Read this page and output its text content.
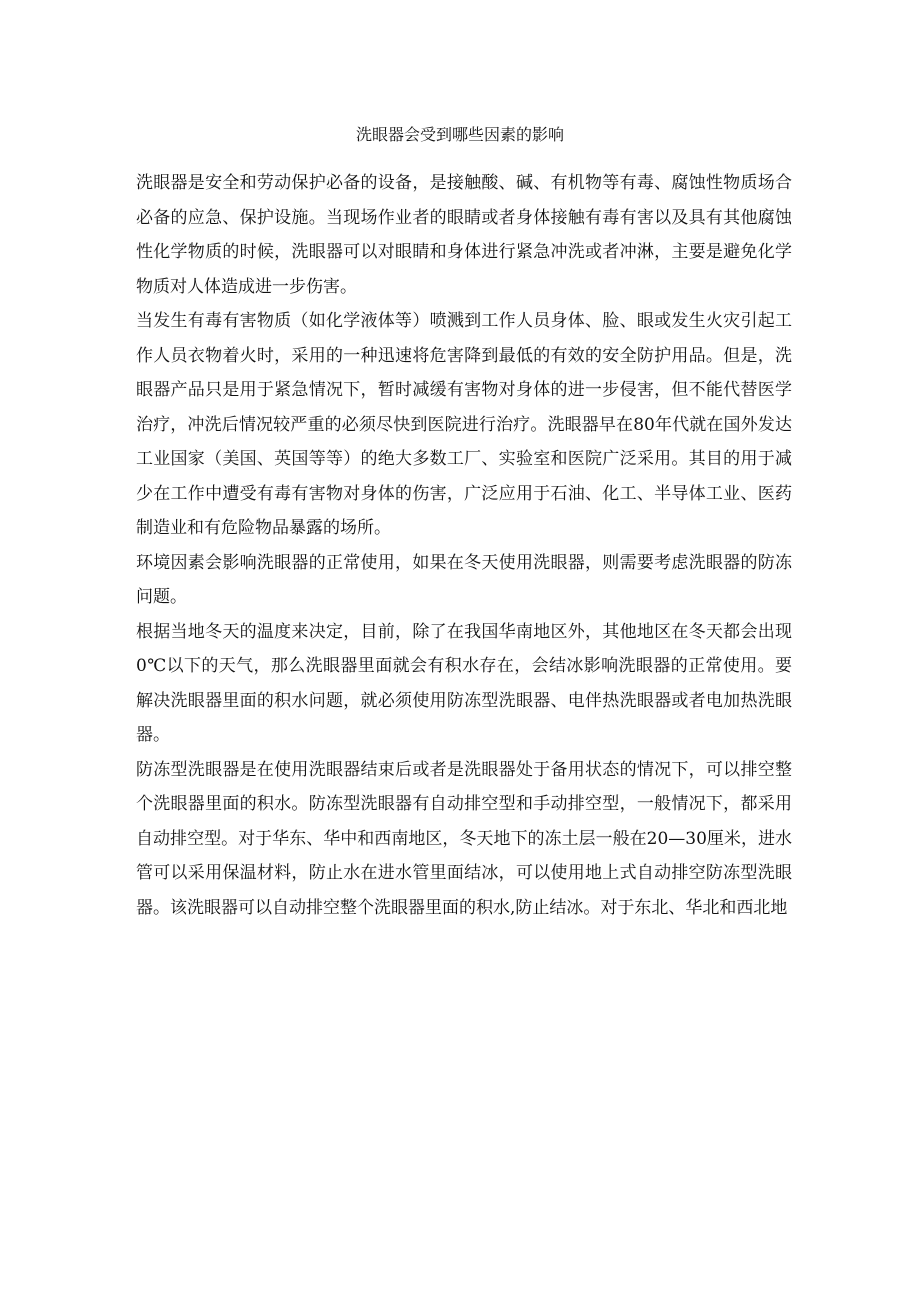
洗眼器会受到哪些因素的影响

洗眼器是安全和劳动保护必备的设备，是接触酸、碱、有机物等有毒、腐蚀性物质场合必备的应急、保护设施。当现场作业者的眼睛或者身体接触有毒有害以及具有其他腐蚀性化学物质的时候，洗眼器可以对眼睛和身体进行紧急冲洗或者冲淋，主要是避免化学物质对人体造成进一步伤害。

当发生有毒有害物质（如化学液体等）喷溅到工作人员身体、脸、眼或发生火灾引起工作人员衣物着火时，采用的一种迅速将危害降到最低的有效的安全防护用品。但是，洗眼器产品只是用于紧急情况下，暂时减缓有害物对身体的进一步侵害，但不能代替医学治疗，冲洗后情况较严重的必须尽快到医院进行治疗。洗眼器早在80年代就在国外发达工业国家（美国、英国等等）的绝大多数工厂、实验室和医院广泛采用。其目的用于减少在工作中遭受有毒有害物对身体的伤害，广泛应用于石油、化工、半导体工业、医药制造业和有危险物品暴露的场所。

环境因素会影响洗眼器的正常使用，如果在冬天使用洗眼器，则需要考虑洗眼器的防冻问题。

根据当地冬天的温度来决定，目前，除了在我国华南地区外，其他地区在冬天都会出现0℃以下的天气，那么洗眼器里面就会有积水存在，会结冰影响洗眼器的正常使用。要解决洗眼器里面的积水问题，就必须使用防冻型洗眼器、电伴热洗眼器或者电加热洗眼器。

防冻型洗眼器是在使用洗眼器结束后或者是洗眼器处于备用状态的情况下，可以排空整个洗眼器里面的积水。防冻型洗眼器有自动排空型和手动排空型，一般情况下，都采用自动排空型。对于华东、华中和西南地区，冬天地下的冻土层一般在20—30厘米，进水管可以采用保温材料，防止水在进水管里面结冰，可以使用地上式自动排空防冻型洗眼器。该洗眼器可以自动排空整个洗眼器里面的积水,防止结冰。对于东北、华北和西北地
